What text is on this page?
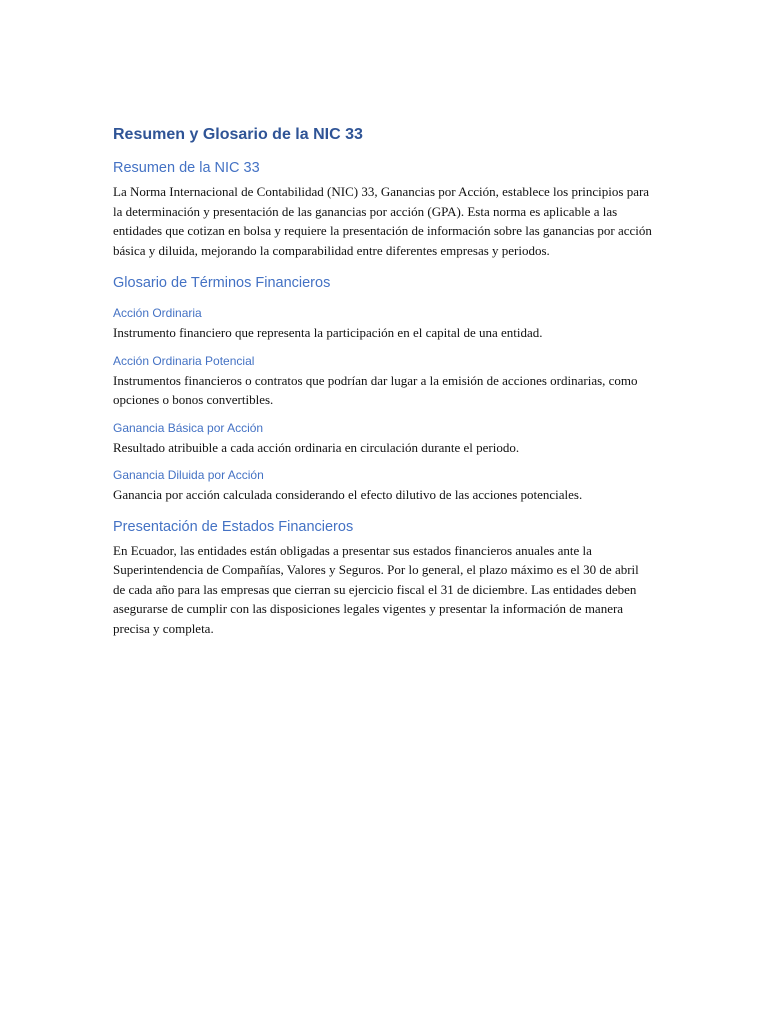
Resumen y Glosario de la NIC 33
Resumen de la NIC 33

La Norma Internacional de Contabilidad (NIC) 33, Ganancias por Acción, establece los principios para la determinación y presentación de las ganancias por acción (GPA). Esta norma es aplicable a las entidades que cotizan en bolsa y requiere la presentación de información sobre las ganancias por acción básica y diluida, mejorando la comparabilidad entre diferentes empresas y periodos.

Glosario de Términos Financieros
Acción Ordinaria

Instrumento financiero que representa la participación en el capital de una entidad.

Acción Ordinaria Potencial

Instrumentos financieros o contratos que podrían dar lugar a la emisión de acciones ordinarias, como opciones o bonos convertibles.

Ganancia Básica por Acción

Resultado atribuible a cada acción ordinaria en circulación durante el periodo.

Ganancia Diluida por Acción

Ganancia por acción calculada considerando el efecto dilutivo de las acciones potenciales.

Presentación de Estados Financieros

En Ecuador, las entidades están obligadas a presentar sus estados financieros anuales ante la Superintendencia de Compañías, Valores y Seguros. Por lo general, el plazo máximo es el 30 de abril de cada año para las empresas que cierran su ejercicio fiscal el 31 de diciembre. Las entidades deben asegurarse de cumplir con las disposiciones legales vigentes y presentar la información de manera precisa y completa.
